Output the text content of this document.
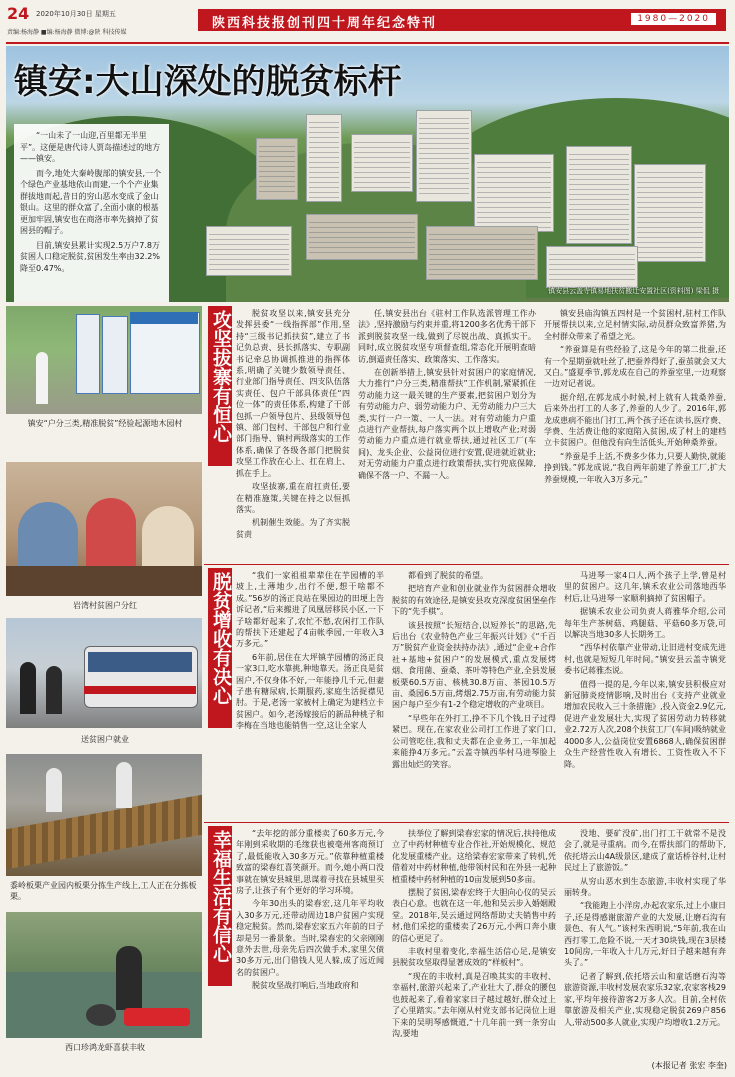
24 2020年10月30日 星期五
责编:杨海静 ■编:杨海静 微博:@陕 科技传媒
陕西科技报创刊四十周年纪念特刊	1980—2020
镇安:大山深处的脱贫标杆

“一山未了一山迎,百里都无半里平”。这便是唐代诗人贾岛描述过的地方——镇安。

而今,地处大秦岭腹部的镇安县,一个个绿色产业基地依山而建,一个个产业集群拔地而起,昔日的穷山恶水变成了金山银山。这里的群众富了,全面小康的根基更加牢固,镇安也在商洛市率先摘掉了贫困县的帽子。

目前,镇安县累计实现2.5万户7.8万贫困人口稳定脱贫,贫困发生率由32.2%降至0.47%。

镇安县云盖寺镇易地扶贫搬迁安置社区(资料图) 梁侃 摄
镇安“户分三类,精准脱贫”经验起源地木园村
岩湾村贫困户分红
送贫困户就业
黍岭板栗产业园内板栗分拣生产线上,工人正在分拣板栗。
西口珍鸿龙虾喜获丰收
攻坚拔寨有恒心	脱贫攻坚以来,镇安县充分发挥县委“一线指挥部”作用,坚持“三级书记抓扶贫”,建立了书记负总责、县长抓落实、专职副书记牵总协调抓推进的指挥体系,明确了关键少数领导责任、行业部门指导责任、四支队伍落实责任、包户干部具体责任“四位一体”的责任体系,构建了干部包抓一户领导包片、县级领导包镇、部门包村、干部包户和行业部门指导、镇村两级落实的工作体系,确保了各级各部门把脱贫攻坚工作放在心上、扛在肩上、抓在手上。

攻坚拔寨,重在肩扛责任,要在精准施策,关键在持之以恒抓落实。

机制催生效能。为了齐实脱贫责

任,镇安县出台《驻村工作队选派管理工作办法》,坚持激励与约束并重,将1200多名优秀干部下派到脱贫攻坚一线,做到了尽锐出战、真抓实干。同时,成立脱贫攻坚专项督查组,常态化开展明查暗访,倒逼责任落实、政策落实、工作落实。

在创新举措上,镇安县针对贫困户的家庭情况,大力推行“户分三类,精准帮扶”工作机制,紧紧抓住劳动能力这一最关键的生产要素,把贫困户划分为有劳动能力户、弱劳动能力户、无劳动能力户三大类,实行一户一策、一人一法。对有劳动能力户重点进行产业帮扶,每户落实两个以上增收产业;对弱劳动能力户重点进行就业帮扶,通过社区工厂(车间)、龙头企业、公益岗位进行安置,促进就近就业;对无劳动能力户重点进行政策帮扶,实行兜底保障,确保不落一户、不漏一人。

镇安县庙沟镇五四村是一个贫困村,驻村工作队开展帮扶以来,立足村情实际,动员群众致富养猪,为全村群众带来了希望之光。

“养蚕算是有些经验了,这是今年的第二批蚕,还有一个星期蚕就吐丝了,把蚕养得好了,蚕茧就会又大又白。”盛夏季节,郭龙成在自己的养蚕室里,一边观察一边对记者说。

据介绍,在郭龙成小时候,村上就有人栽桑养蚕,后来外出打工的人多了,养蚕的人少了。2016年,郭龙成患病不能出门打工,两个孩子还在读书,医疗费、学费、生活费让他的家庭陷入贫困,成了村上的建档立卡贫困户。但他没有向生活低头,开始种桑养蚕。

“养蚕是手上活,不费多少体力,只要人勤快,就能挣到钱。”郭龙成说,“我自两年前建了养蚕工厂,扩大养蚕规模,一年收入3万多元。”

脱贫增收有决心	“我们一家祖祖辈辈住在芋园槽的半坡上,土薄地少,出行不便,想干啥都不成。”56岁的汤正良站在果园边的田埂上告诉记者,“后来搬进了凤凰居移民小区,一下子啥都好起来了,农忙不愁,农闲打工作队的帮扶下还建起了4亩帐季园,一年收入3万多元。”

6年前,居住在大坪镇芋园槽的汤正良一家3口,吃水靠挑,种地靠天。汤正良是贫困户,不仅身体不好,一年能挣几千元,但妻子患有糖尿病,长期服药,家庭生活捉襟见肘。于是,老汤一家被村上确定为建档立卡贫困户。如今,老汤嫁接后的新品种桃子和李梅在当地也能销售一空,这让全家人

都看到了脱贫的希望。

把培育产业和创业就业作为贫困群众增收脱贫的有效途径,是镇安县攻克深度贫困堡垒作下的“先手棋”。

该县按照“长短结合,以短养长”的思路,先后出台《农业特色产业三年振兴计划》《“千百万”脱贫产业资金扶持办法》,通过“企业+合作社+基地+贫困户”的发展模式,重点发展烤烟、食用菌、蚕桑、茶叶等特色产业,全县发展板栗60.5万亩、核桃30.8万亩、茶园10.5万亩、桑园6.5万亩,烤烟2.75万亩,有劳动能力贫困户每户至少有1-2个稳定增收的产业项目。

“早些年在外打工,挣不下几个钱,日子过得紧巴。现在,在家农业公司打工作进了家门口,公司管吃住,我和丈夫都在企业务工,一年加起来能挣4万多元。”云盖寺镇西华村马进琴脸上露出灿烂的笑容。

马进琴一家4口人,两个孩子上学,曾是村里的贫困户。这几年,镇禾农业公司落地西华村后,让马进琴一家顺利摘掉了贫困帽子。

据镇禾农业公司负责人蒋雅华介绍,公司每年生产茶树菇、鸡腿菇、平菇60多万袋,可以解决当地30多人长期务工。

“西华村依靠产业带动,让旧进村变成先进村,也就是短短几年时间。”镇安县云盖寺镇党委书记蒋雅杰说。

值得一提的是,今年以来,镇安县积极应对新冠肺炎疫情影响,及时出台《支持产业就业增加农民收入三十条措施》,投入资金2.9亿元,促进产业发展壮大,实现了贫困劳动力转移就业2.72万人次,208个扶贫工厂(车间)吸纳就业4000多人,公益岗位安置6868人,确保贫困群众生产经营性收入有增长、工资性收入不下降。

幸福生活有信心	“去年挖的部分重楼卖了60多万元,今年刚到采收期的毛缘获也被毫州客商预订了,最低能收入30多万元。”依靠种植重楼致富的梁春红喜笑颜开。而今,她小两口没事就在镇安县城里,思谋着寻找在县城里买房子,让孩子有个更好的学习环境。

今年30出头的梁春宏,这几年平均收入30多万元,还带动周边18户贫困户实现稳定脱贫。然而,梁春宏家五六年前的日子却是另一番景象。当时,梁春宏的父亲刚刚意外去世,母亲先后四次做手术,家里欠债30多万元,出门借钱人见人躲,成了远近闻名的贫困户。

脱贫攻坚战打响后,当地政府和

扶举位了解到梁春宏家的情况后,扶持他成立了中药材种植专业合作社,开始规模化、规范化发展重楼产业。这给梁春宏家带来了转机,凭借着对中药材种植,他带领村民和在外县一起种植重楼中药材种植的10亩发展到50多亩。

摆脱了贫困,梁春宏终于大胆向心仪的吴云表白心意。也就在这一年,他和吴云步入婚姻殿堂。2018年,吴云通过网络帮助丈夫销售中药材,他们采挖的重楼卖了26万元,小两口奔小康的信心更足了。

丰收村里着变化,幸福生活信心足,是镇安县脱贫攻坚取得显著成效的“样板村”。

“现在的丰收村,真是召唤其实的丰收村、幸福村,旅游兴起来了,产业壮大了,群众的腰包也鼓起来了,看着家家日子越过越好,群众过上了心里踏实。”去年刚从村党支部书记岗位上退下来的吴明琴感慨道,“十几年前一到一条穷山沟,要地

没地、要矿没矿,出门打工干就常不是没会了,就是寻重病。而今,在帮扶部门的帮助下,依托塔云山4A级景区,建成了童话桥谷村,让村民过上了旅游饭。”

从穷山恶水到生态旅游,丰收村实现了华丽转身。

“我能跑上小洋房,办起农家乐,过上小康日子,还是得感谢旅游产业的大发展,让磨石沟有景色、有人气。”该村朱西明说,“5年前,我在山西打零工,危险不说,一天才30块钱,现在3层楼10间房,一年收入十几万元,好日子越来越有奔头了。”

记者了解到,依托塔云山和童话磨石沟等旅游资源,丰收村发展农家乐32家,农家客栈29家,平均年接待游客2万多人次。目前,全村依靠旅游及相关产业,实现稳定脱贫269户856人,带动500多人就业,实现户均增收1.2万元。

(本报记者 张宏 李奎)
